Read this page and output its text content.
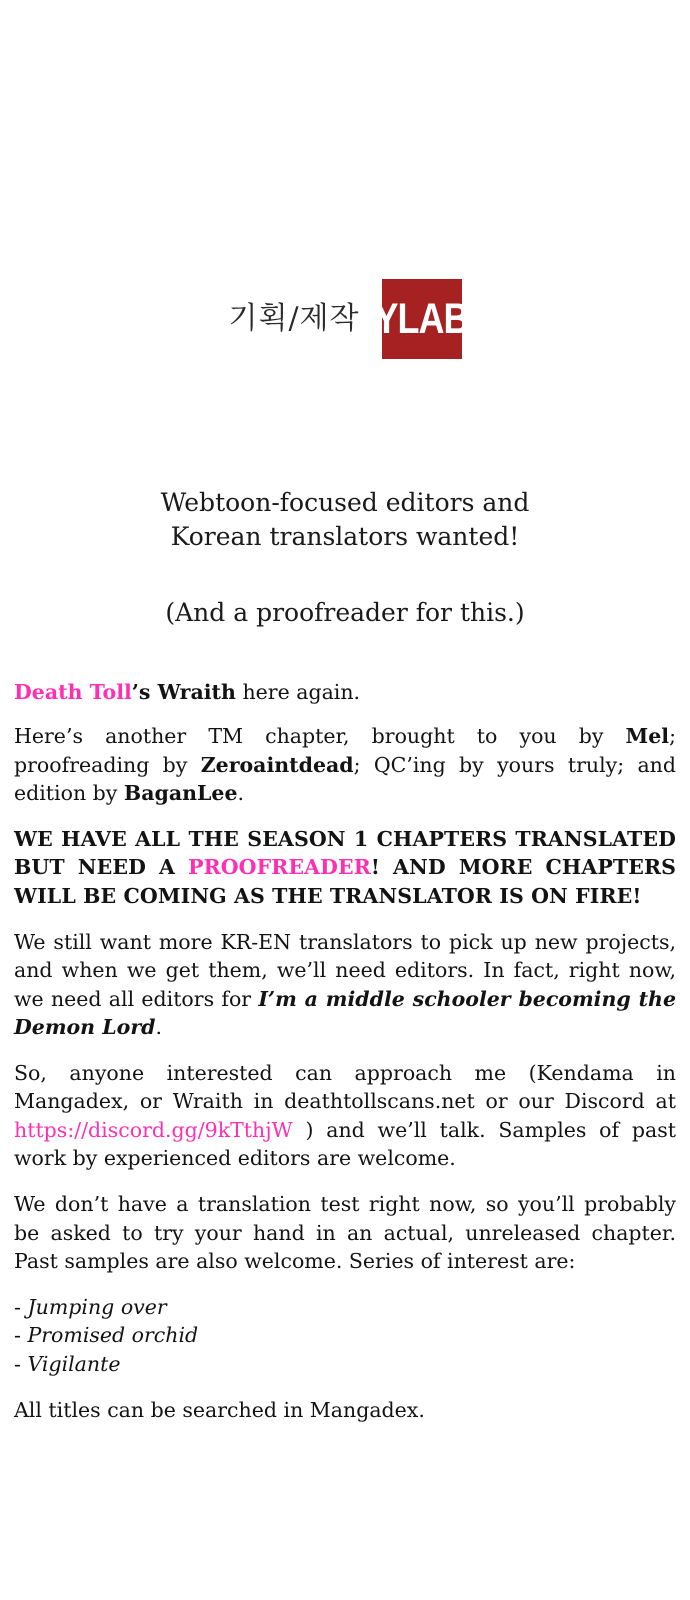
기획/제작 YLAB
Webtoon-focused editors and
Korean translators wanted!
(And a proofreader for this.)

Death Toll’s Wraith here again.

Here’s another TM chapter, brought to you by Mel; proofreading by Zeroaintdead; QC’ing by yours truly; and edition by BaganLee.

WE HAVE ALL THE SEASON 1 CHAPTERS TRANSLATED BUT NEED A PROOFREADER! AND MORE CHAPTERS WILL BE COMING AS THE TRANSLATOR IS ON FIRE!

We still want more KR-EN translators to pick up new projects, and when we get them, we’ll need editors. In fact, right now, we need all editors for I’m a middle schooler becoming the Demon Lord.

So, anyone interested can approach me (Kendama in Mangadex, or Wraith in deathtollscans.net or our Discord at https://discord.gg/9kTthjW ) and we’ll talk. Samples of past work by experienced editors are welcome.

We don’t have a translation test right now, so you’ll probably be asked to try your hand in an actual, unreleased chapter. Past samples are also welcome. Series of interest are:

- Jumping over
- Promised orchid
- Vigilante

All titles can be searched in Mangadex.
